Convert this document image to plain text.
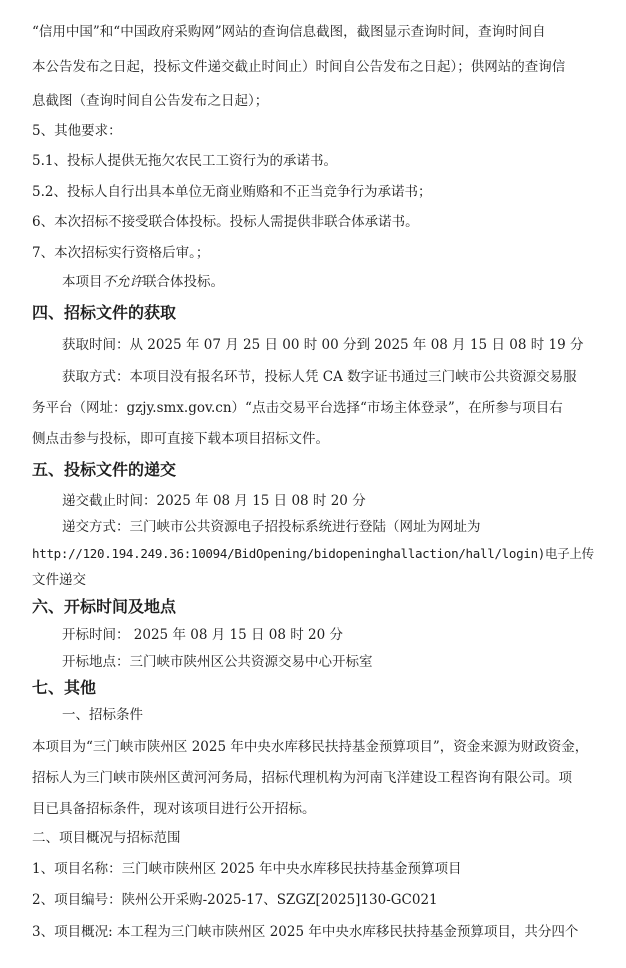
“信用中国”和“中国政府采购网”网站的查询信息截图，截图显示查询时间，查询时间自
本公告发布之日起，投标文件递交截止时间止）时间自公告发布之日起）；供网站的查询信
息截图（查询时间自公告发布之日起）；
5、其他要求：
5.1、投标人提供无拖欠农民工工资行为的承诺书。
5.2、投标人自行出具本单位无商业贿赂和不正当竞争行为承诺书；
6、本次招标不接受联合体投标。投标人需提供非联合体承诺书。
7、本次招标实行资格后审。；
本项目不允许联合体投标。
四、招标文件的获取
获取时间：从 2025 年 07 月 25 日 00 时 00 分到 2025 年 08 月 15 日 08 时 19 分
获取方式：本项目没有报名环节，投标人凭 CA 数字证书通过三门峡市公共资源交易服
务平台（网址：gzjy.smx.gov.cn）“点击交易平台选择“市场主体登录”，在所参与项目右
侧点击参与投标，即可直接下载本项目招标文件。
五、投标文件的递交
递交截止时间：2025 年 08 月 15 日 08 时 20 分
递交方式：三门峡市公共资源电子招投标系统进行登陆（网址为网址为
http://120.194.249.36:10094/BidOpening/bidopeninghallaction/hall/login)电子上传
文件递交
六、开标时间及地点
开标时间： 2025 年 08 月 15 日 08 时 20 分
开标地点：三门峡市陕州区公共资源交易中心开标室
七、其他
一、招标条件
本项目为“三门峡市陕州区 2025 年中央水库移民扶持基金预算项目”，资金来源为财政资金，
招标人为三门峡市陕州区黄河河务局，招标代理机构为河南飞洋建设工程咨询有限公司。项
目已具备招标条件，现对该项目进行公开招标。
二、项目概况与招标范围
1、项目名称：三门峡市陕州区 2025 年中央水库移民扶持基金预算项目
2、项目编号：陕州公开采购-2025-17、SZGZ[2025]130-GC021
3、项目概况: 本工程为三门峡市陕州区 2025 年中央水库移民扶持基金预算项目，共分四个
